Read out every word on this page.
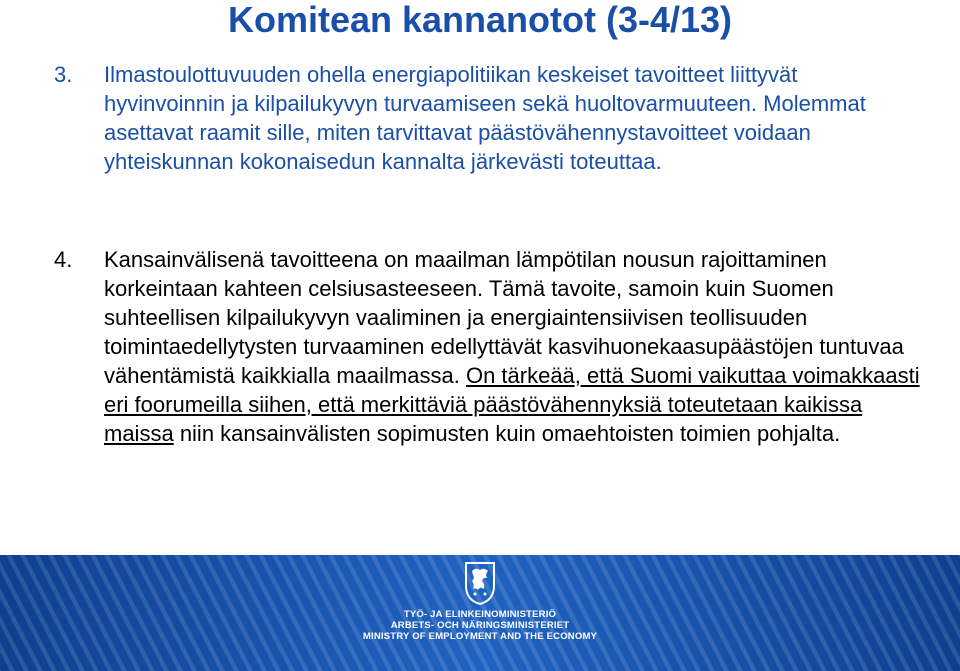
Komitean kannanotot (3-4/13)
3. Ilmastoulottuvuuden ohella energiapolitiikan keskeiset tavoitteet liittyvät hyvinvoinnin ja kilpailukyvyn turvaamiseen sekä huoltovarmuuteen. Molemmat asettavat raamit sille, miten tarvittavat päästövähennystavoitteet voidaan yhteiskunnan kokonaisedun kannalta järkevästi toteuttaa.
4. Kansainvälisenä tavoitteena on maailman lämpötilan nousun rajoittaminen korkeintaan kahteen celsiusasteeseen. Tämä tavoite, samoin kuin Suomen suhteellisen kilpailukyvyn vaaliminen ja energiaintensiivisen teollisuuden toimintaedellytysten turvaaminen edellyttävät kasvihuonekaasupäästöjen tuntuvaa vähentämistä kaikkialla maailmassa. On tärkeää, että Suomi vaikuttaa voimakkaasti eri foorumeilla siihen, että merkittäviä päästövähennyksiä toteutetaan kaikissa maissa niin kansainvälisten sopimusten kuin omaehtoisten toimien pohjalta.
TYÖ- JA ELINKEINOMINISTERIÖ
ARBETS- OCH NÄRINGSMINISTERIET
MINISTRY OF EMPLOYMENT AND THE ECONOMY
